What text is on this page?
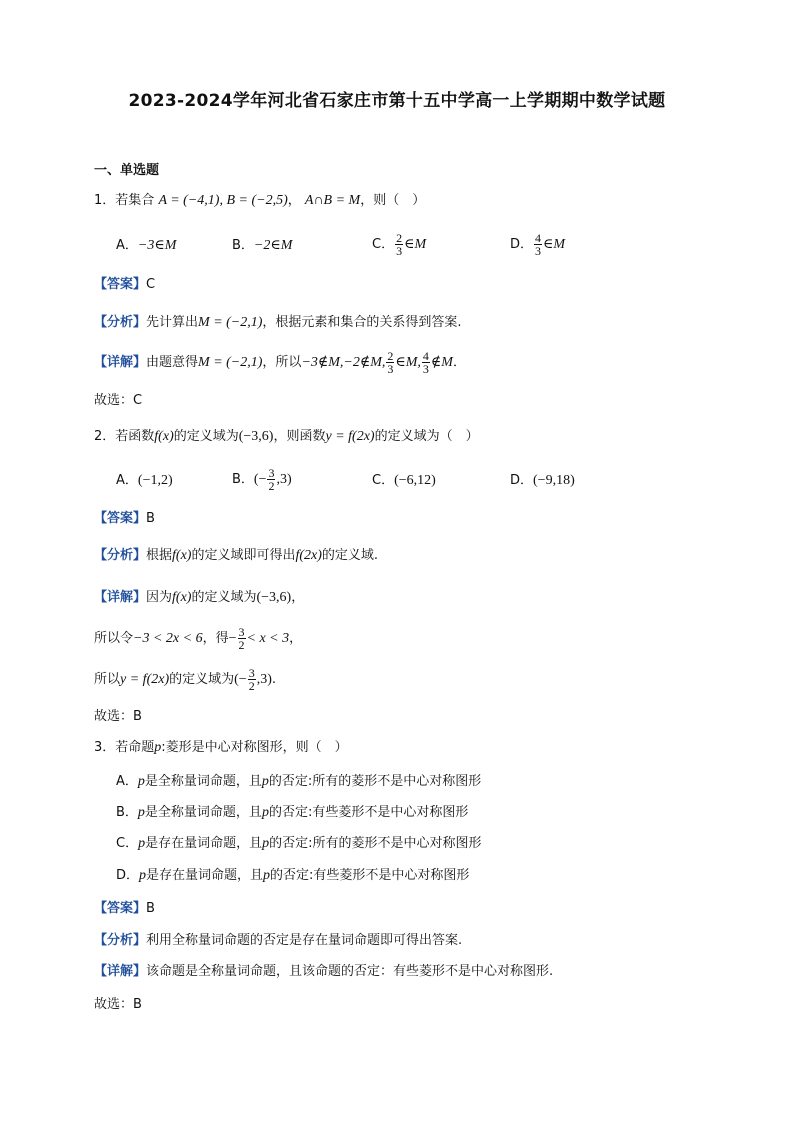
2023-2024学年河北省石家庄市第十五中学高一上学期期中数学试题
一、单选题
1．若集合 A = (−4,1), B = (−2,5)， A∩B = M，则（　）
A．−3∈M	B．−2∈M	C． $\frac{2}{3}$ ∈M	D． $\frac{4}{3}$ ∈M
【答案】C
【分析】先计算出M = (−2,1)，根据元素和集合的关系得到答案.
【详解】由题意得M = (−2,1)，所以−3∉M,−2∉M, $\frac{2}{3}$ ∈M, $\frac{4}{3}$ ∉M．
故选：C
2．若函数f(x)的定义域为(−3,6)，则函数y = f(2x)的定义域为（　）
A．(−1,2)	B．(− $\frac{3}{2} ,3$)	C．(−6,12)	D．(−9,18)
【答案】B
【分析】根据f(x)的定义域即可得出f(2x)的定义域.
【详解】因为f(x)的定义域为(−3,6)，
所以令−3 < 2x < 6，得− $\frac{3}{2} < x < 3$，
所以y = f(2x)的定义域为(− $\frac{3}{2} ,3$).
故选：B
3．若命题p:菱形是中心对称图形，则（　）
A．p是全称量词命题，且p的否定:所有的菱形不是中心对称图形
B．p是全称量词命题，且p的否定:有些菱形不是中心对称图形
C．p是存在量词命题，且p的否定:所有的菱形不是中心对称图形
D．p是存在量词命题，且p的否定:有些菱形不是中心对称图形
【答案】B
【分析】利用全称量词命题的否定是存在量词命题即可得出答案.
【详解】该命题是全称量词命题，且该命题的否定：有些菱形不是中心对称图形.
故选：B
